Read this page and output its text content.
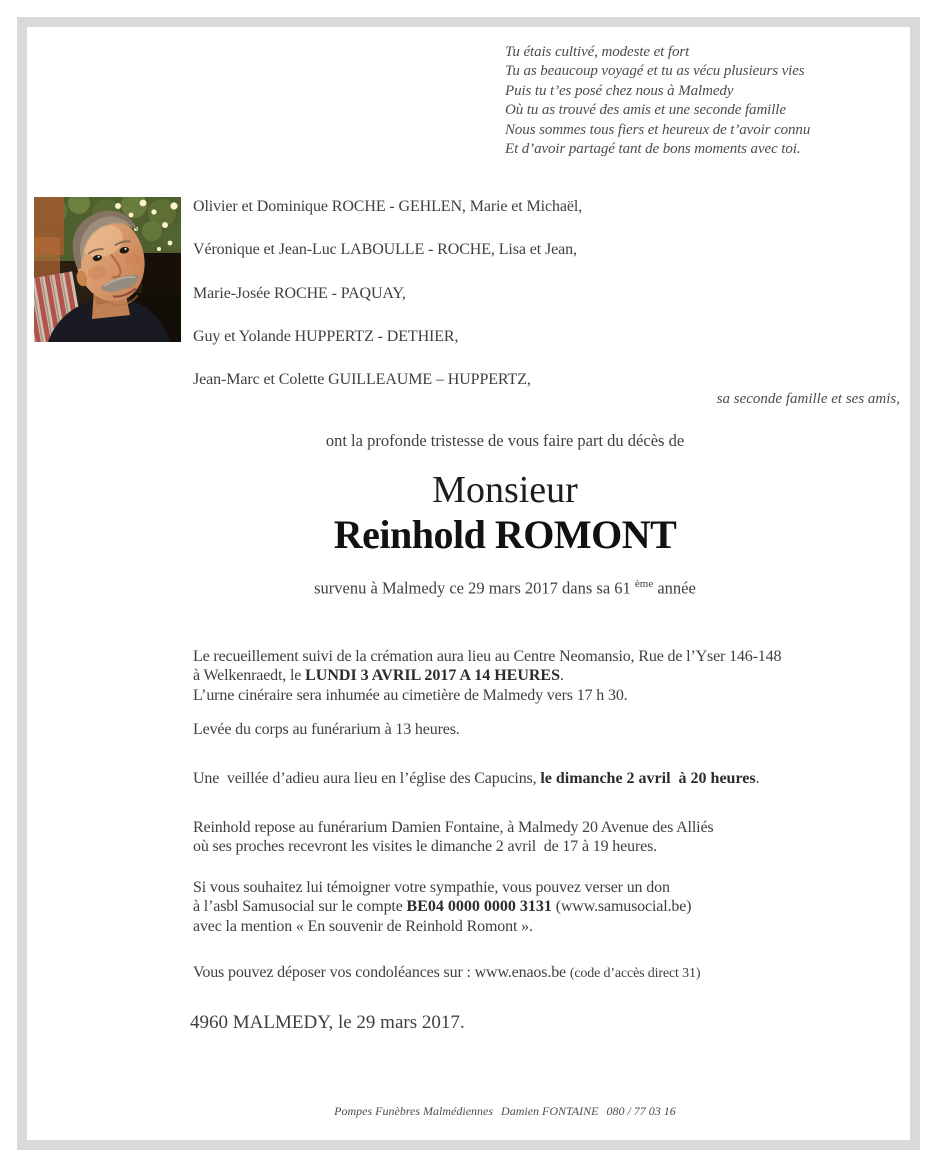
Tu étais cultivé, modeste et fort
Tu as beaucoup voyagé et tu as vécu plusieurs vies
Puis tu t’es posé chez nous à Malmedy
Où tu as trouvé des amis et une seconde famille
Nous sommes tous fiers et heureux de t’avoir connu
Et d’avoir partagé tant de bons moments avec toi.
Olivier et Dominique ROCHE - GEHLEN, Marie et Michaël,
Véronique et Jean-Luc LABOULLE - ROCHE, Lisa et Jean,
Marie-Josée ROCHE - PAQUAY,
Guy et Yolande HUPPERTZ - DETHIER,
Jean-Marc et Colette GUILLEAUME – HUPPERTZ,
sa seconde famille et ses amis,
ont la profonde tristesse de vous faire part du décès de
Monsieur
Reinhold ROMONT
survenu à Malmedy ce 29 mars 2017 dans sa 61 $^{ème}$ année
Le recueillement suivi de la crémation aura lieu au Centre Neomansio, Rue de l’Yser 146-148
à Welkenraedt, le LUNDI 3 AVRIL 2017 A 14 HEURES.
L’urne cinéraire sera inhumée au cimetière de Malmedy vers 17 h 30.
Levée du corps au funérarium à 13 heures.
Une  veillée d’adieu aura lieu en l’église des Capucins, le dimanche 2 avril  à 20 heures.
Reinhold repose au funérarium Damien Fontaine, à Malmedy 20 Avenue des Alliés
où ses proches recevront les visites le dimanche 2 avril  de 17 à 19 heures.
Si vous souhaitez lui témoigner votre sympathie, vous pouvez verser un don
à l’asbl Samusocial sur le compte BE04 0000 0000 3131 (www.samusocial.be)
avec la mention « En souvenir de Reinhold Romont ».
Vous pouvez déposer vos condoléances sur : www.enaos.be (code d’accès direct 31)
4960 MALMEDY, le 29 mars 2017.
Pompes Funèbres Malmédiennes Damien FONTAINE 080 / 77 03 16
